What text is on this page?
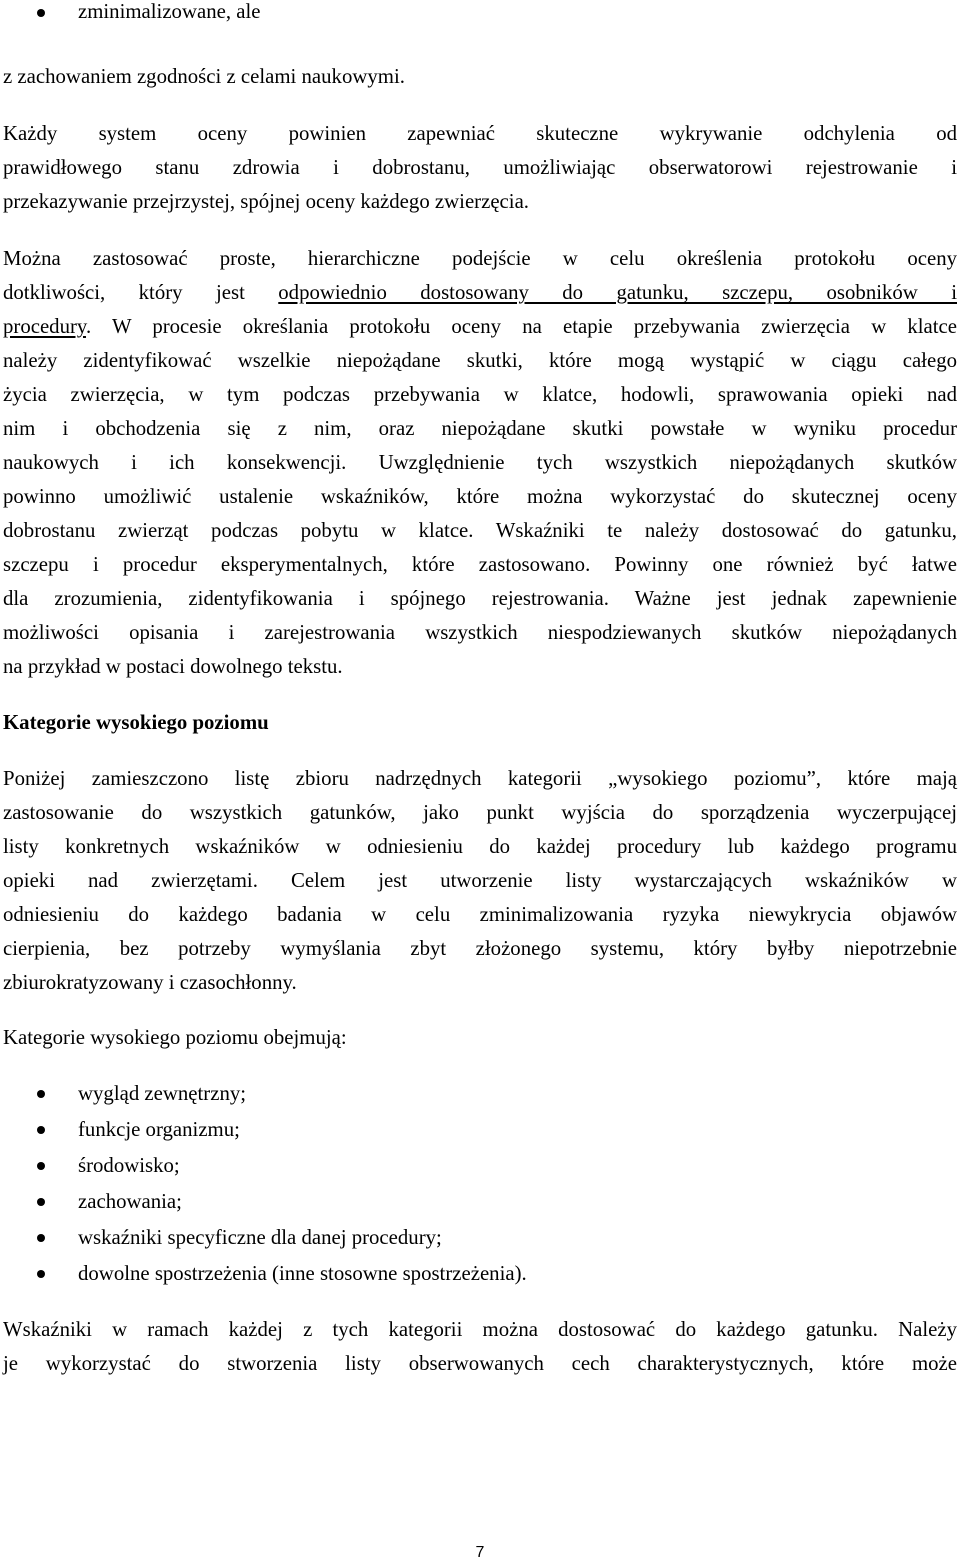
zminimalizowane, ale
z zachowaniem zgodności z celami naukowymi.
Każdy system oceny powinien zapewniać skuteczne wykrywanie odchylenia od
prawidłowego stanu zdrowia i dobrostanu, umożliwiając obserwatorowi rejestrowanie i
przekazywanie przejrzystej, spójnej oceny każdego zwierzęcia.
Można zastosować proste, hierarchiczne podejście w celu określenia protokołu oceny
dotkliwości, który jest odpowiednio dostosowany do gatunku, szczepu, osobników i
procedury. W procesie określania protokołu oceny na etapie przebywania zwierzęcia w klatce
należy zidentyfikować wszelkie niepożądane skutki, które mogą wystąpić w ciągu całego
życia zwierzęcia, w tym podczas przebywania w klatce, hodowli, sprawowania opieki nad
nim i obchodzenia się z nim, oraz niepożądane skutki powstałe w wyniku procedur
naukowych i ich konsekwencji. Uwzględnienie tych wszystkich niepożądanych skutków
powinno umożliwić ustalenie wskaźników, które można wykorzystać do skutecznej oceny
dobrostanu zwierząt podczas pobytu w klatce. Wskaźniki te należy dostosować do gatunku,
szczepu i procedur eksperymentalnych, które zastosowano. Powinny one również być łatwe
dla zrozumienia, zidentyfikowania i spójnego rejestrowania. Ważne jest jednak zapewnienie
możliwości opisania i zarejestrowania wszystkich niespodziewanych skutków niepożądanych
na przykład w postaci dowolnego tekstu.
Kategorie wysokiego poziomu
Poniżej zamieszczono listę zbioru nadrzędnych kategorii „wysokiego poziomu”, które mają
zastosowanie do wszystkich gatunków, jako punkt wyjścia do sporządzenia wyczerpującej
listy konkretnych wskaźników w odniesieniu do każdej procedury lub każdego programu
opieki nad zwierzętami. Celem jest utworzenie listy wystarczających wskaźników w
odniesieniu do każdego badania w celu zminimalizowania ryzyka niewykrycia objawów
cierpienia, bez potrzeby wymyślania zbyt złożonego systemu, który byłby niepotrzebnie
zbiurokratyzowany i czasochłonny.
Kategorie wysokiego poziomu obejmują:
wygląd zewnętrzny;
funkcje organizmu;
środowisko;
zachowania;
wskaźniki specyficzne dla danej procedury;
dowolne spostrzeżenia (inne stosowne spostrzeżenia).
Wskaźniki w ramach każdej z tych kategorii można dostosować do każdego gatunku. Należy
je wykorzystać do stworzenia listy obserwowanych cech charakterystycznych, które może
7
